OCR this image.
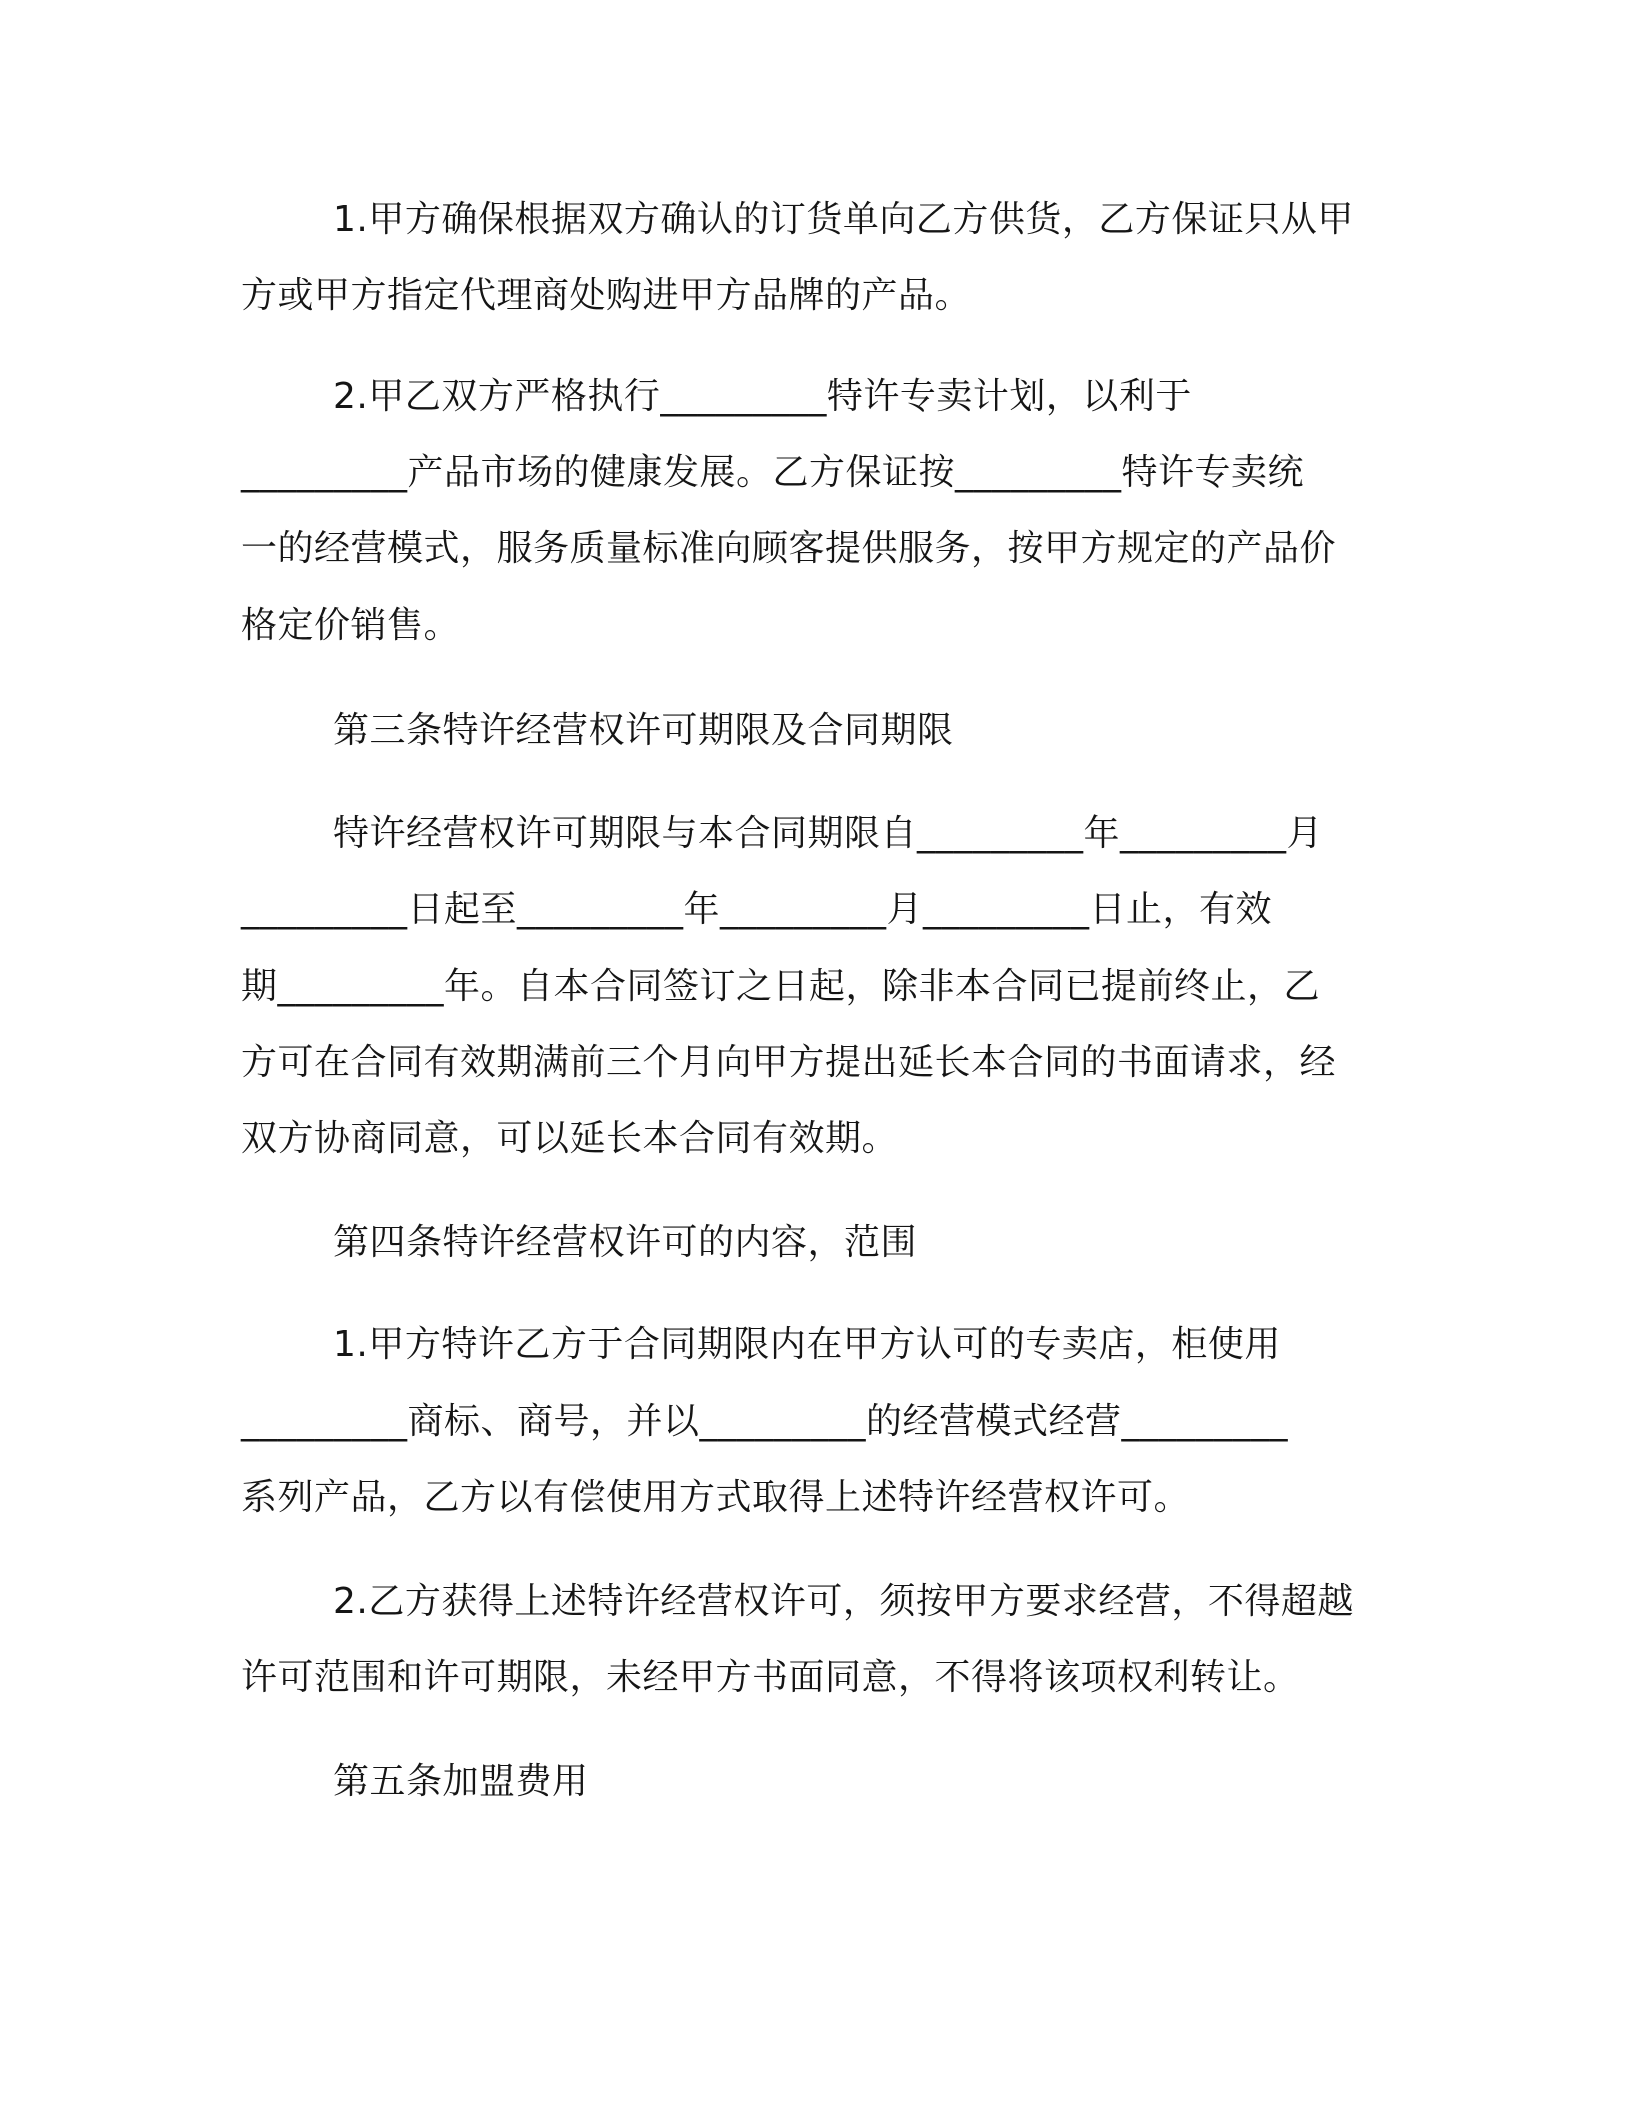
1.甲方确保根据双方确认的订货单向乙方供货，乙方保证只从甲
方或甲方指定代理商处购进甲方品牌的产品。
2.甲乙双方严格执行_________特许专卖计划，以利于
_________产品市场的健康发展。乙方保证按_________特许专卖统
一的经营模式，服务质量标准向顾客提供服务，按甲方规定的产品价
格定价销售。
第三条特许经营权许可期限及合同期限
特许经营权许可期限与本合同期限自_________年_________月
_________日起至_________年_________月_________日止，有效
期_________年。自本合同签订之日起，除非本合同已提前终止，乙
方可在合同有效期满前三个月向甲方提出延长本合同的书面请求，经
双方协商同意，可以延长本合同有效期。
第四条特许经营权许可的内容，范围
1.甲方特许乙方于合同期限内在甲方认可的专卖店，柜使用
_________商标、商号，并以_________的经营模式经营_________
系列产品，乙方以有偿使用方式取得上述特许经营权许可。
2.乙方获得上述特许经营权许可，须按甲方要求经营，不得超越
许可范围和许可期限，未经甲方书面同意，不得将该项权利转让。
第五条加盟费用
